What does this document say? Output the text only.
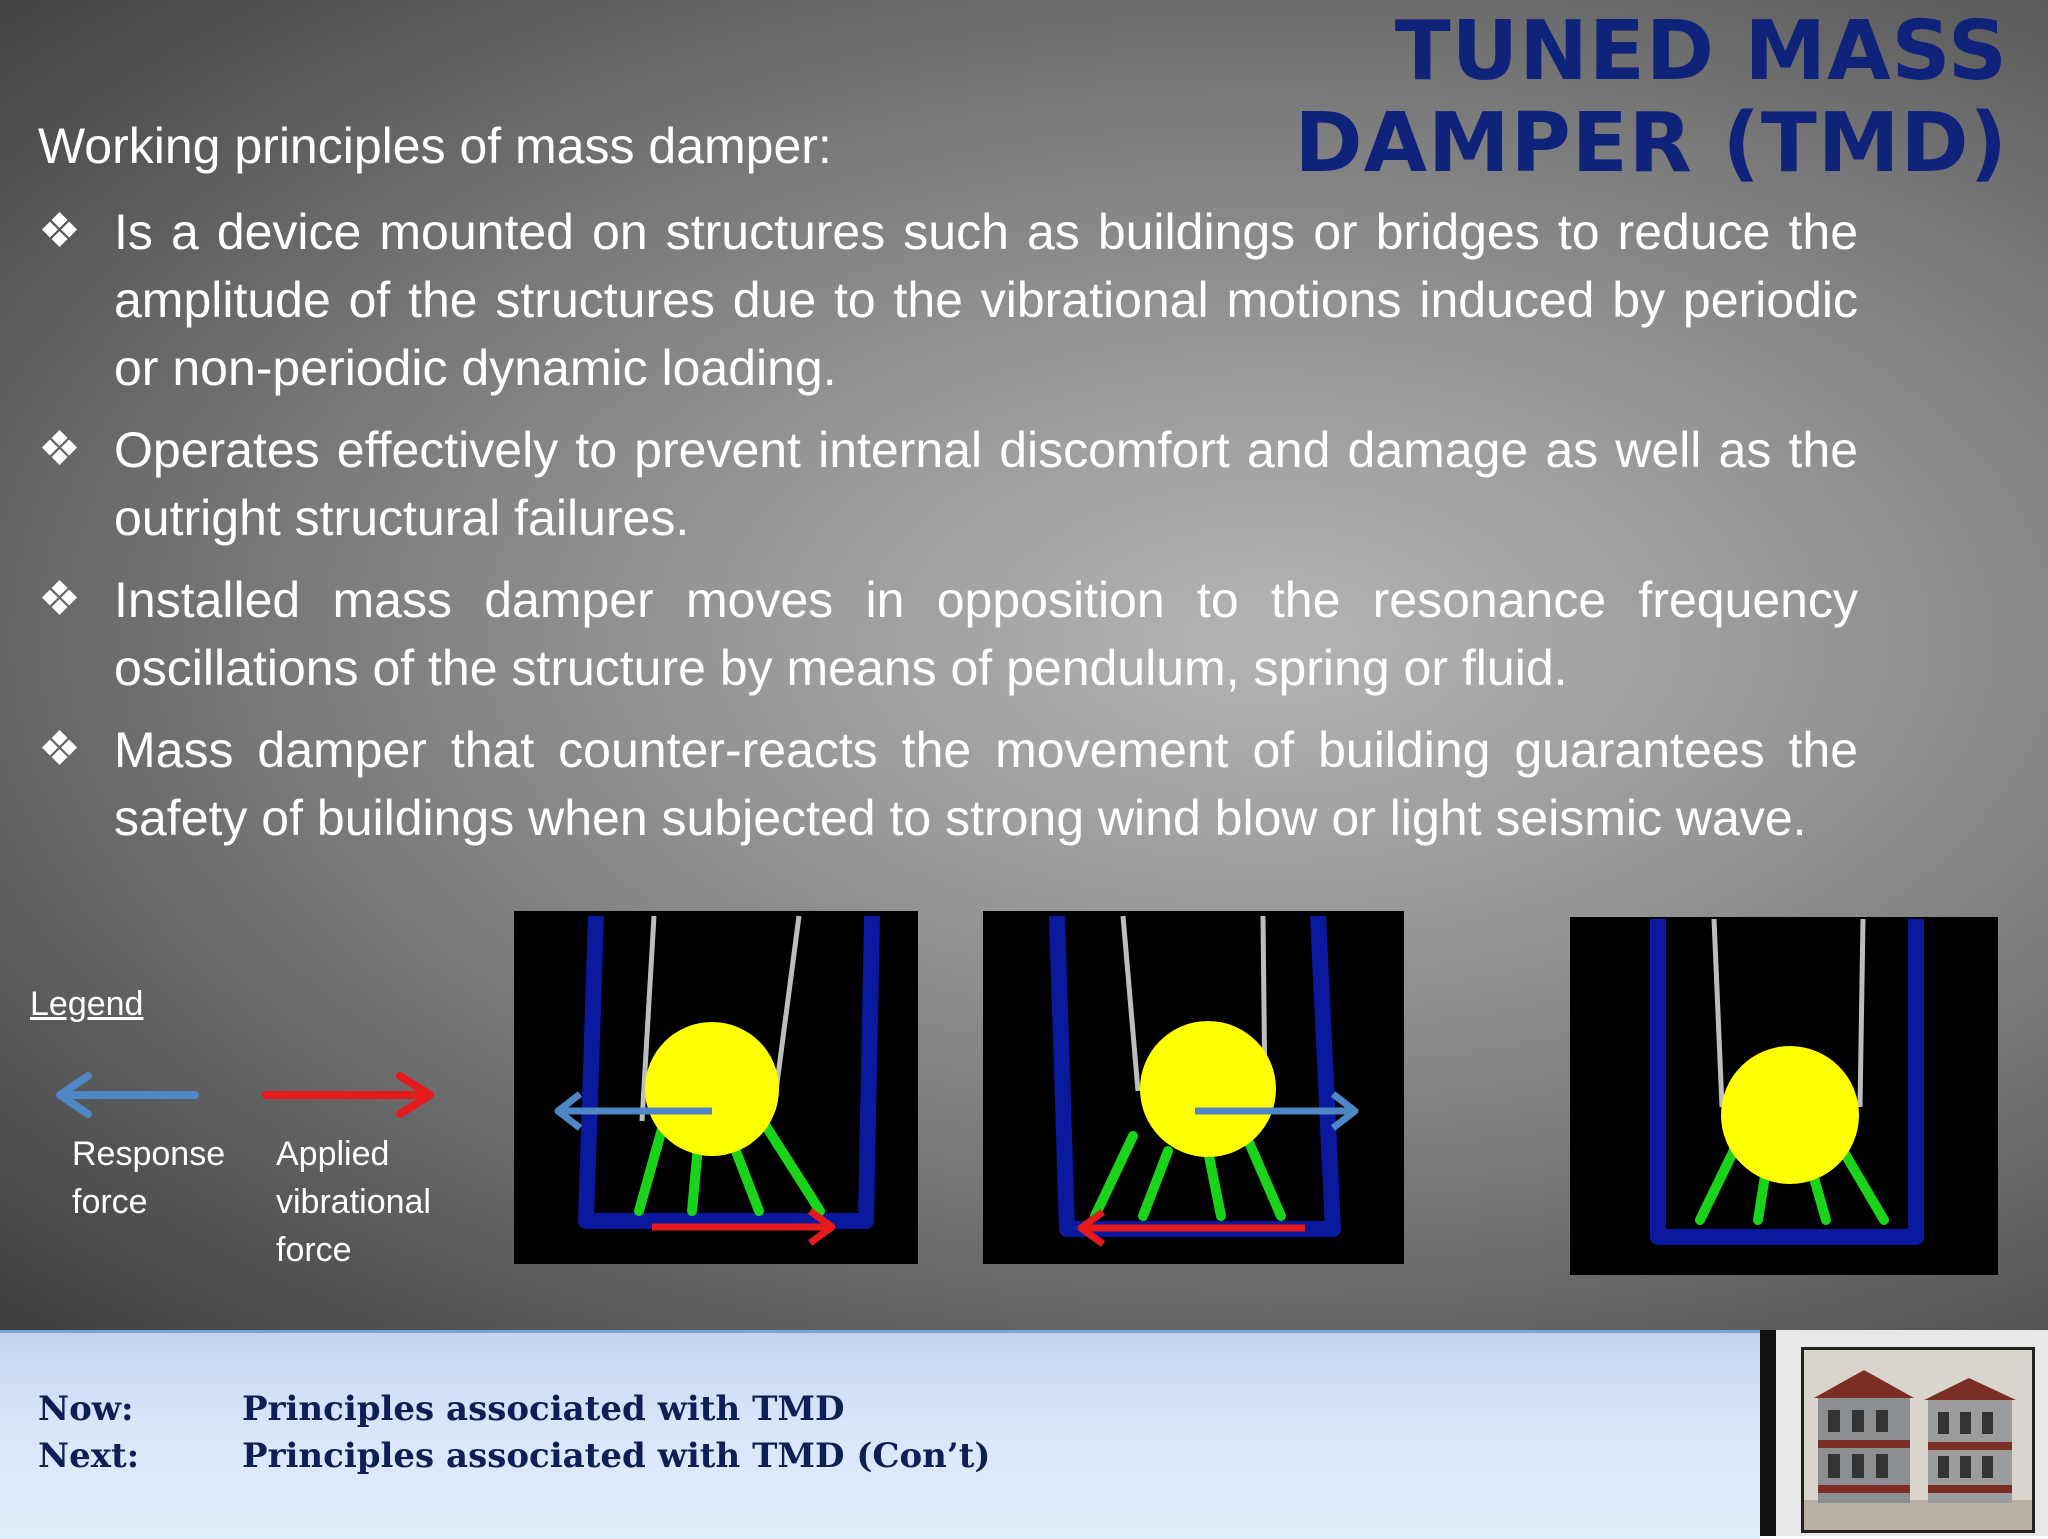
TUNED MASS
DAMPER (TMD)
Working principles of mass damper:
❖ Is a device mounted on structures such as buildings or bridges to reduce the amplitude of the structures due to the vibrational motions induced by periodic or non-periodic dynamic loading.
❖ Operates effectively to prevent internal discomfort and damage as well as the outright structural failures.
❖ Installed mass damper moves in opposition to the resonance frequency oscillations of the structure by means of pendulum, spring or fluid.
❖ Mass damper that counter-reacts the movement of building guarantees the safety of buildings when subjected to strong wind blow or light seismic wave.
Legend
Response
force
Applied
vibrational
force
Now:	Principles associated with TMD
Next:	Principles associated with TMD (Con’t)
